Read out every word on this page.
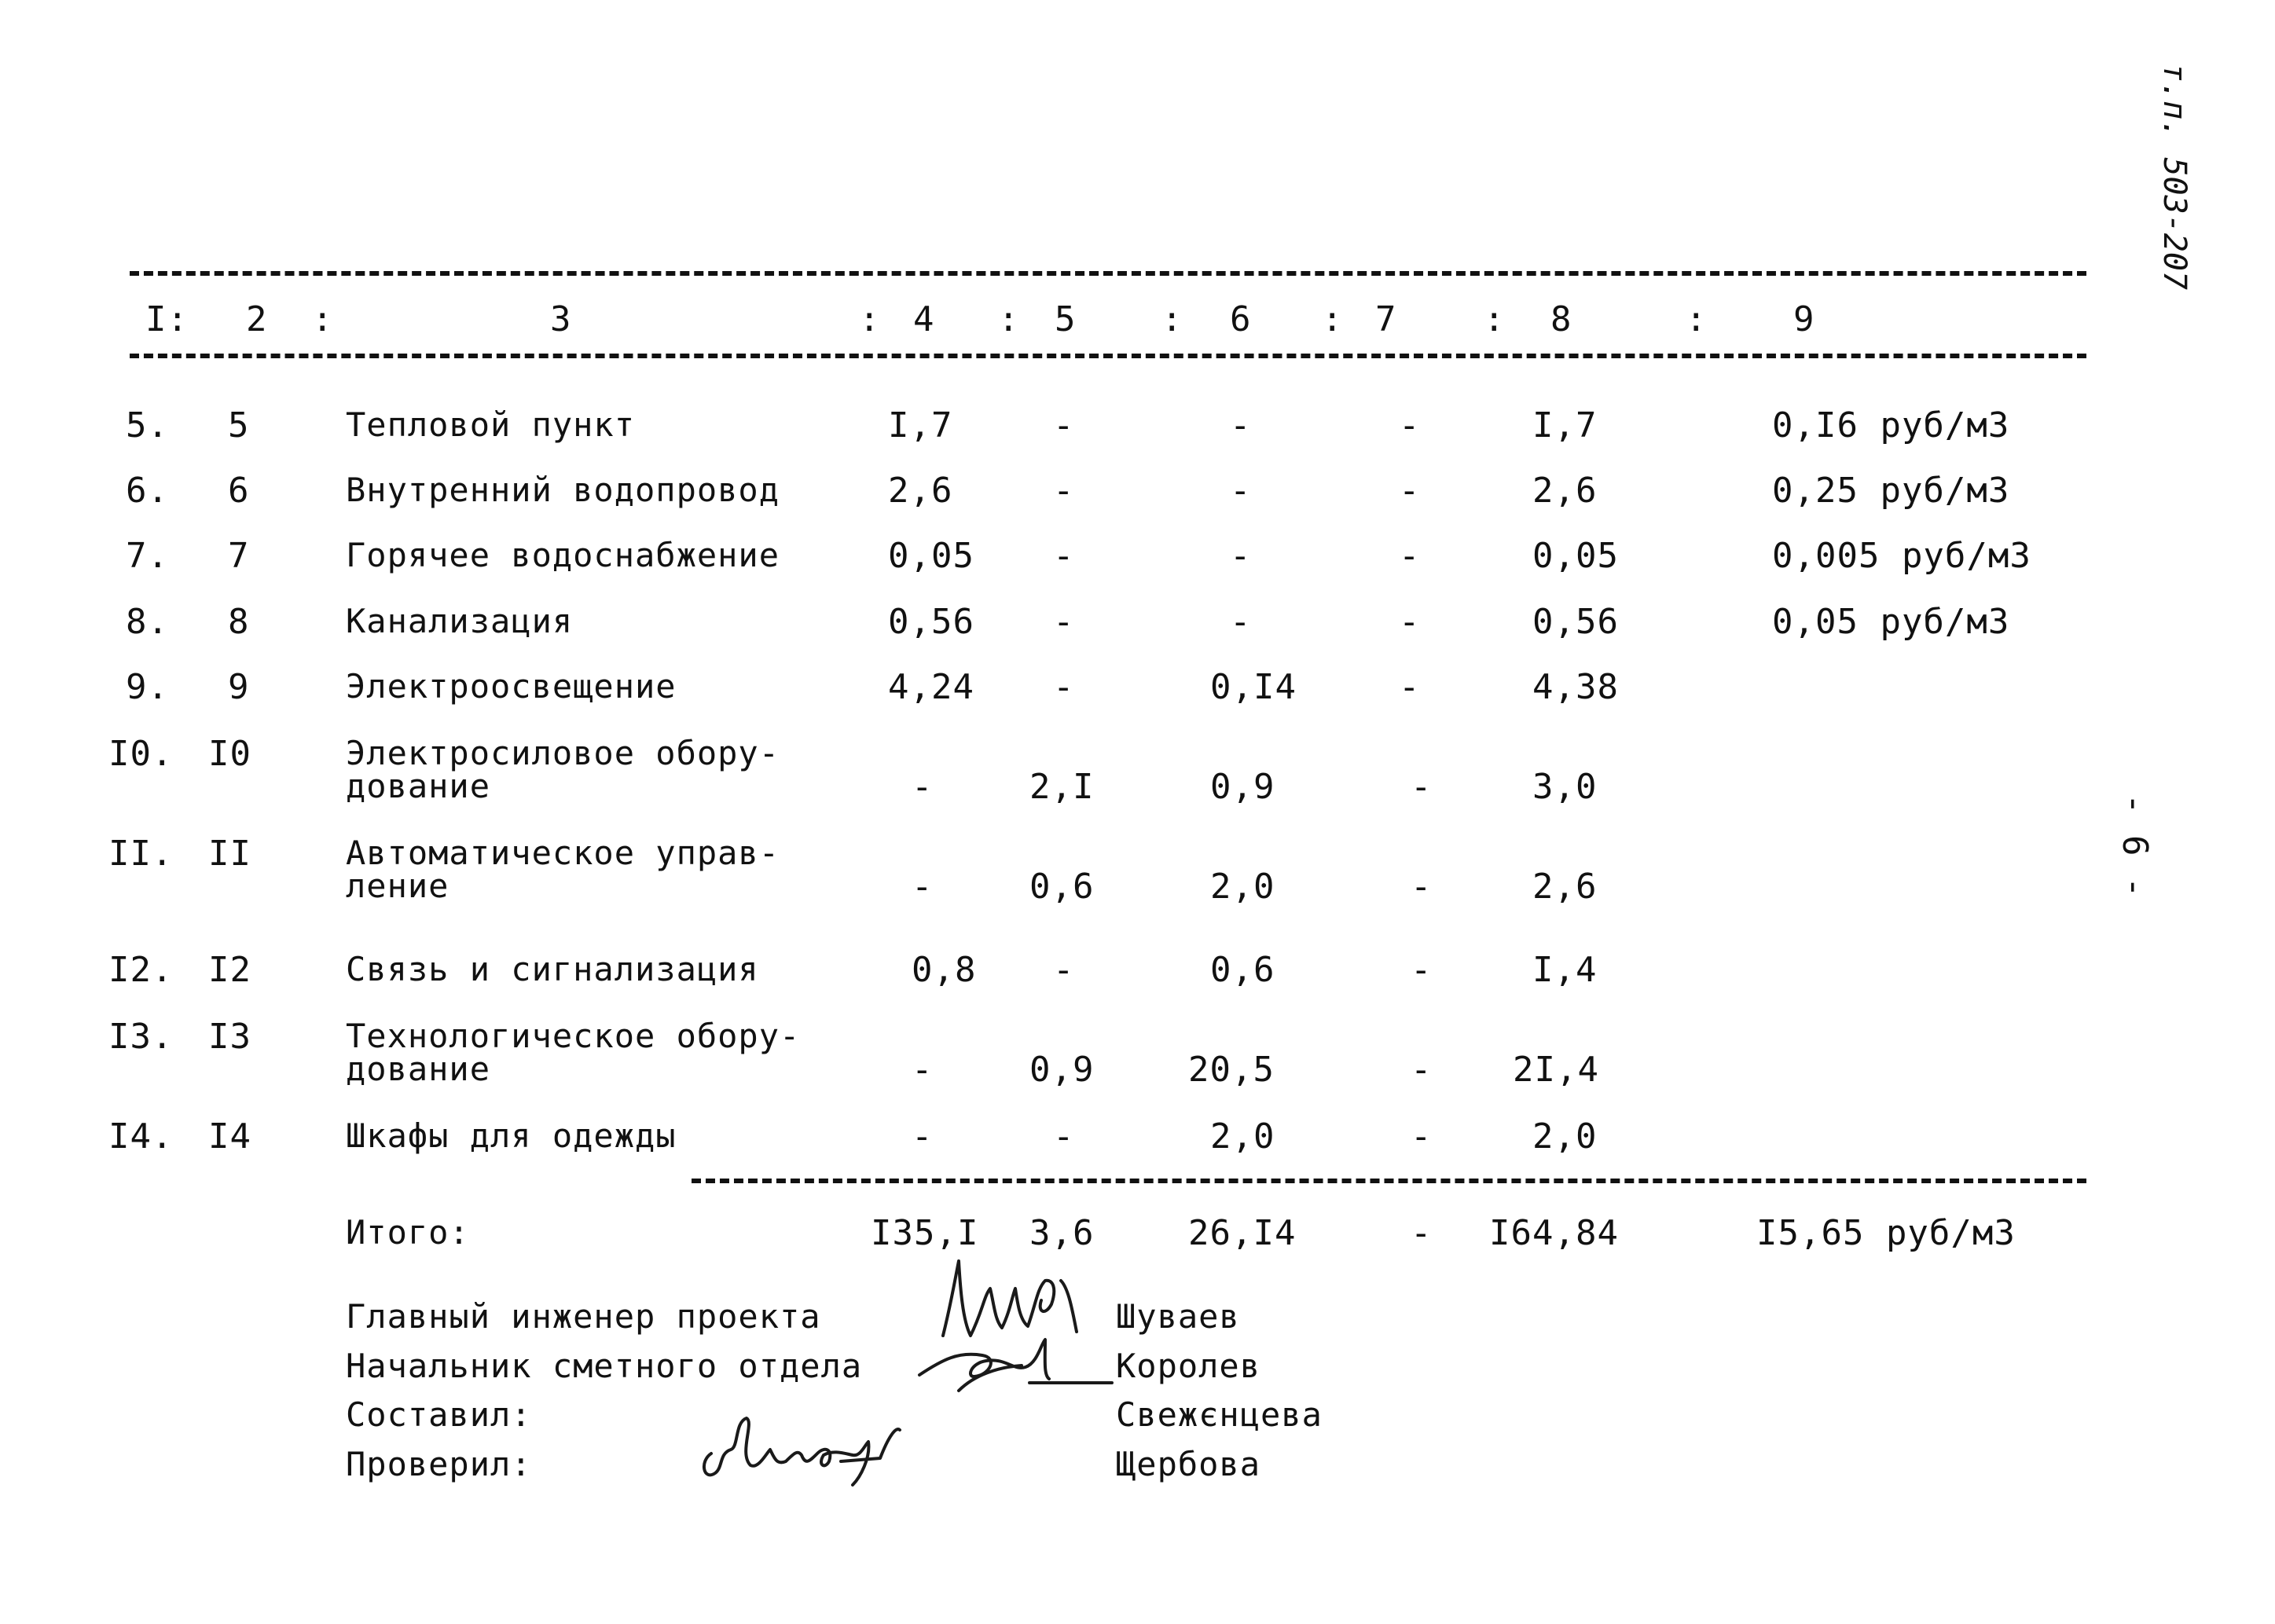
т.п. 503-207
- 6 -
I: 2 :	3	: 4 : 5 : 6 : 7	: 8	: 9
5. 5	Тепловой пункт	I,7	-	-	-	I,7	0,I6 руб/м3
6. 6	Внутренний водопровод	2,6	-	-	-	2,6	0,25 руб/м3
7. 7	Горячее водоснабжение	0,05 -	-	-	0,05	0,005 руб/м3
8. 8	Канализация	0,56 -	-	-	0,56	0,05 руб/м3
9. 9	Электроосвещение	4,24 -	0,I4	-	4,38
I0. I0	Электросиловое обору-
дование	-	2,I	0,9	-	3,0
II. II	Автоматическое управ-
ление	-	0,6	2,0	-	2,6
I2. I2	Связь и сигнализация	0,8 -	0,6	-	I,4
I3. I3	Технологическое обору-
дование	-	0,9	20,5	- 2I,4
I4. I4	Шкафы для одежды	-	-	2,0	-	2,0
Итого:	I35,I 3,6	26,I4	- I64,84	I5,65 руб/м3
Главный инженер проекта	Шуваев
Начальник сметного отдела	Королев
Составил:	Свежєнцева
Проверил:	Щербова
